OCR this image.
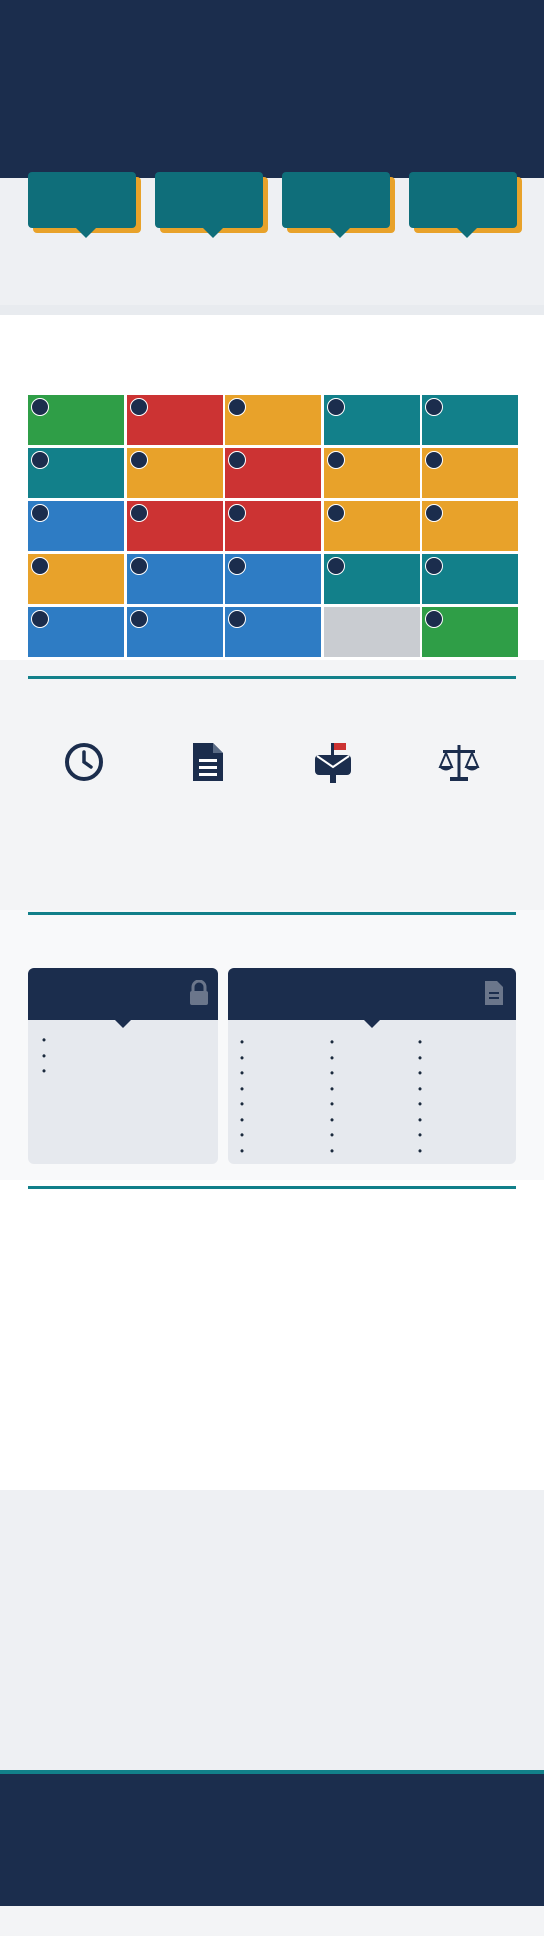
•
•
•
•
•
•
•
•
•
•
•
•
•
•
•
•
•
•
•
•
•
•
•
•
•
•
•
